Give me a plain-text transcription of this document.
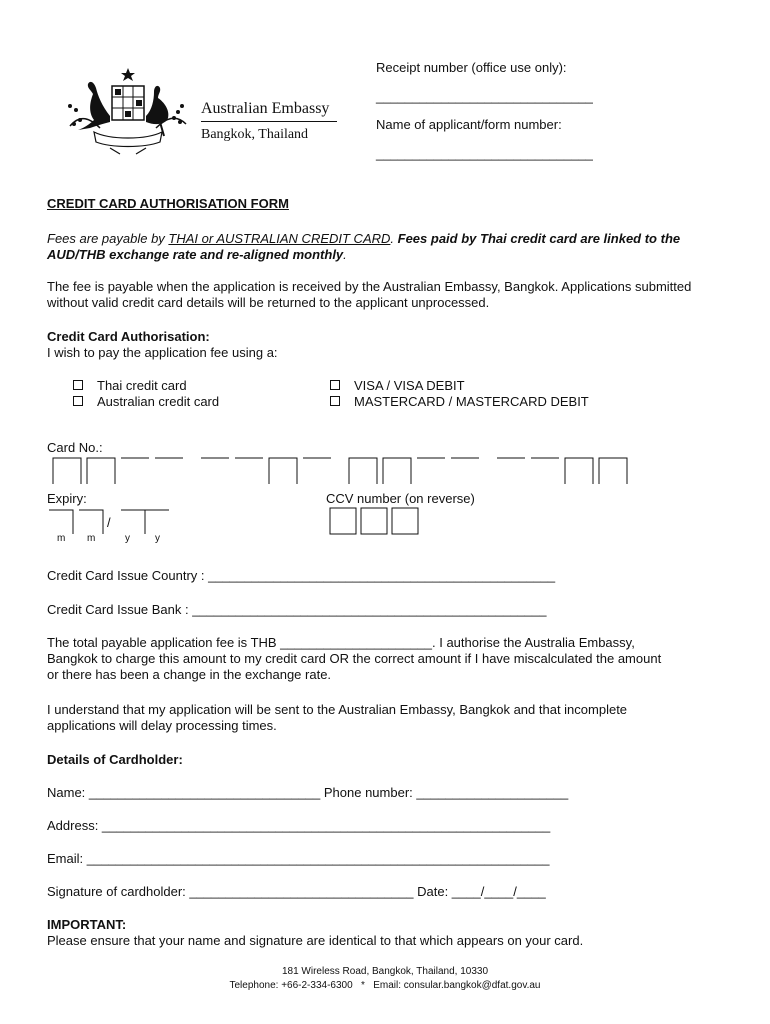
Australian Embassy
Bangkok, Thailand
Receipt number (office use only):
______________________________
Name of applicant/form number:
______________________________
CREDIT CARD AUTHORISATION FORM
Fees are payable by THAI or AUSTRALIAN CREDIT CARD. Fees paid by Thai credit card are linked to the AUD/THB exchange rate and re-aligned monthly.
The fee is payable when the application is received by the Australian Embassy, Bangkok. Applications submitted without valid credit card details will be returned to the applicant unprocessed.
Credit Card Authorisation:
I wish to pay the application fee using a:
Thai credit card
Australian credit card
VISA / VISA DEBIT
MASTERCARD / MASTERCARD DEBIT
Card No.:
Expiry:
/
m m	y	y
CCV number (on reverse)
Credit Card Issue Country : ________________________________________________
Credit Card Issue Bank : _________________________________________________
The total payable application fee is THB _____________________. I authorise the Australia Embassy,
Bangkok to charge this amount to my credit card OR the correct amount if I have miscalculated the amount
or there has been a change in the exchange rate.
I understand that my application will be sent to the Australian Embassy, Bangkok and that incomplete
applications will delay processing times.
Details of Cardholder:
Name: ________________________________ Phone number: _____________________
Address: ______________________________________________________________
Email: ________________________________________________________________
Signature of cardholder: _______________________________ Date: ____/____/____
IMPORTANT:
Please ensure that your name and signature are identical to that which appears on your card.
181 Wireless Road, Bangkok, Thailand, 10330
Telephone: +66-2-334-6300   *   Email: consular.bangkok@dfat.gov.au
